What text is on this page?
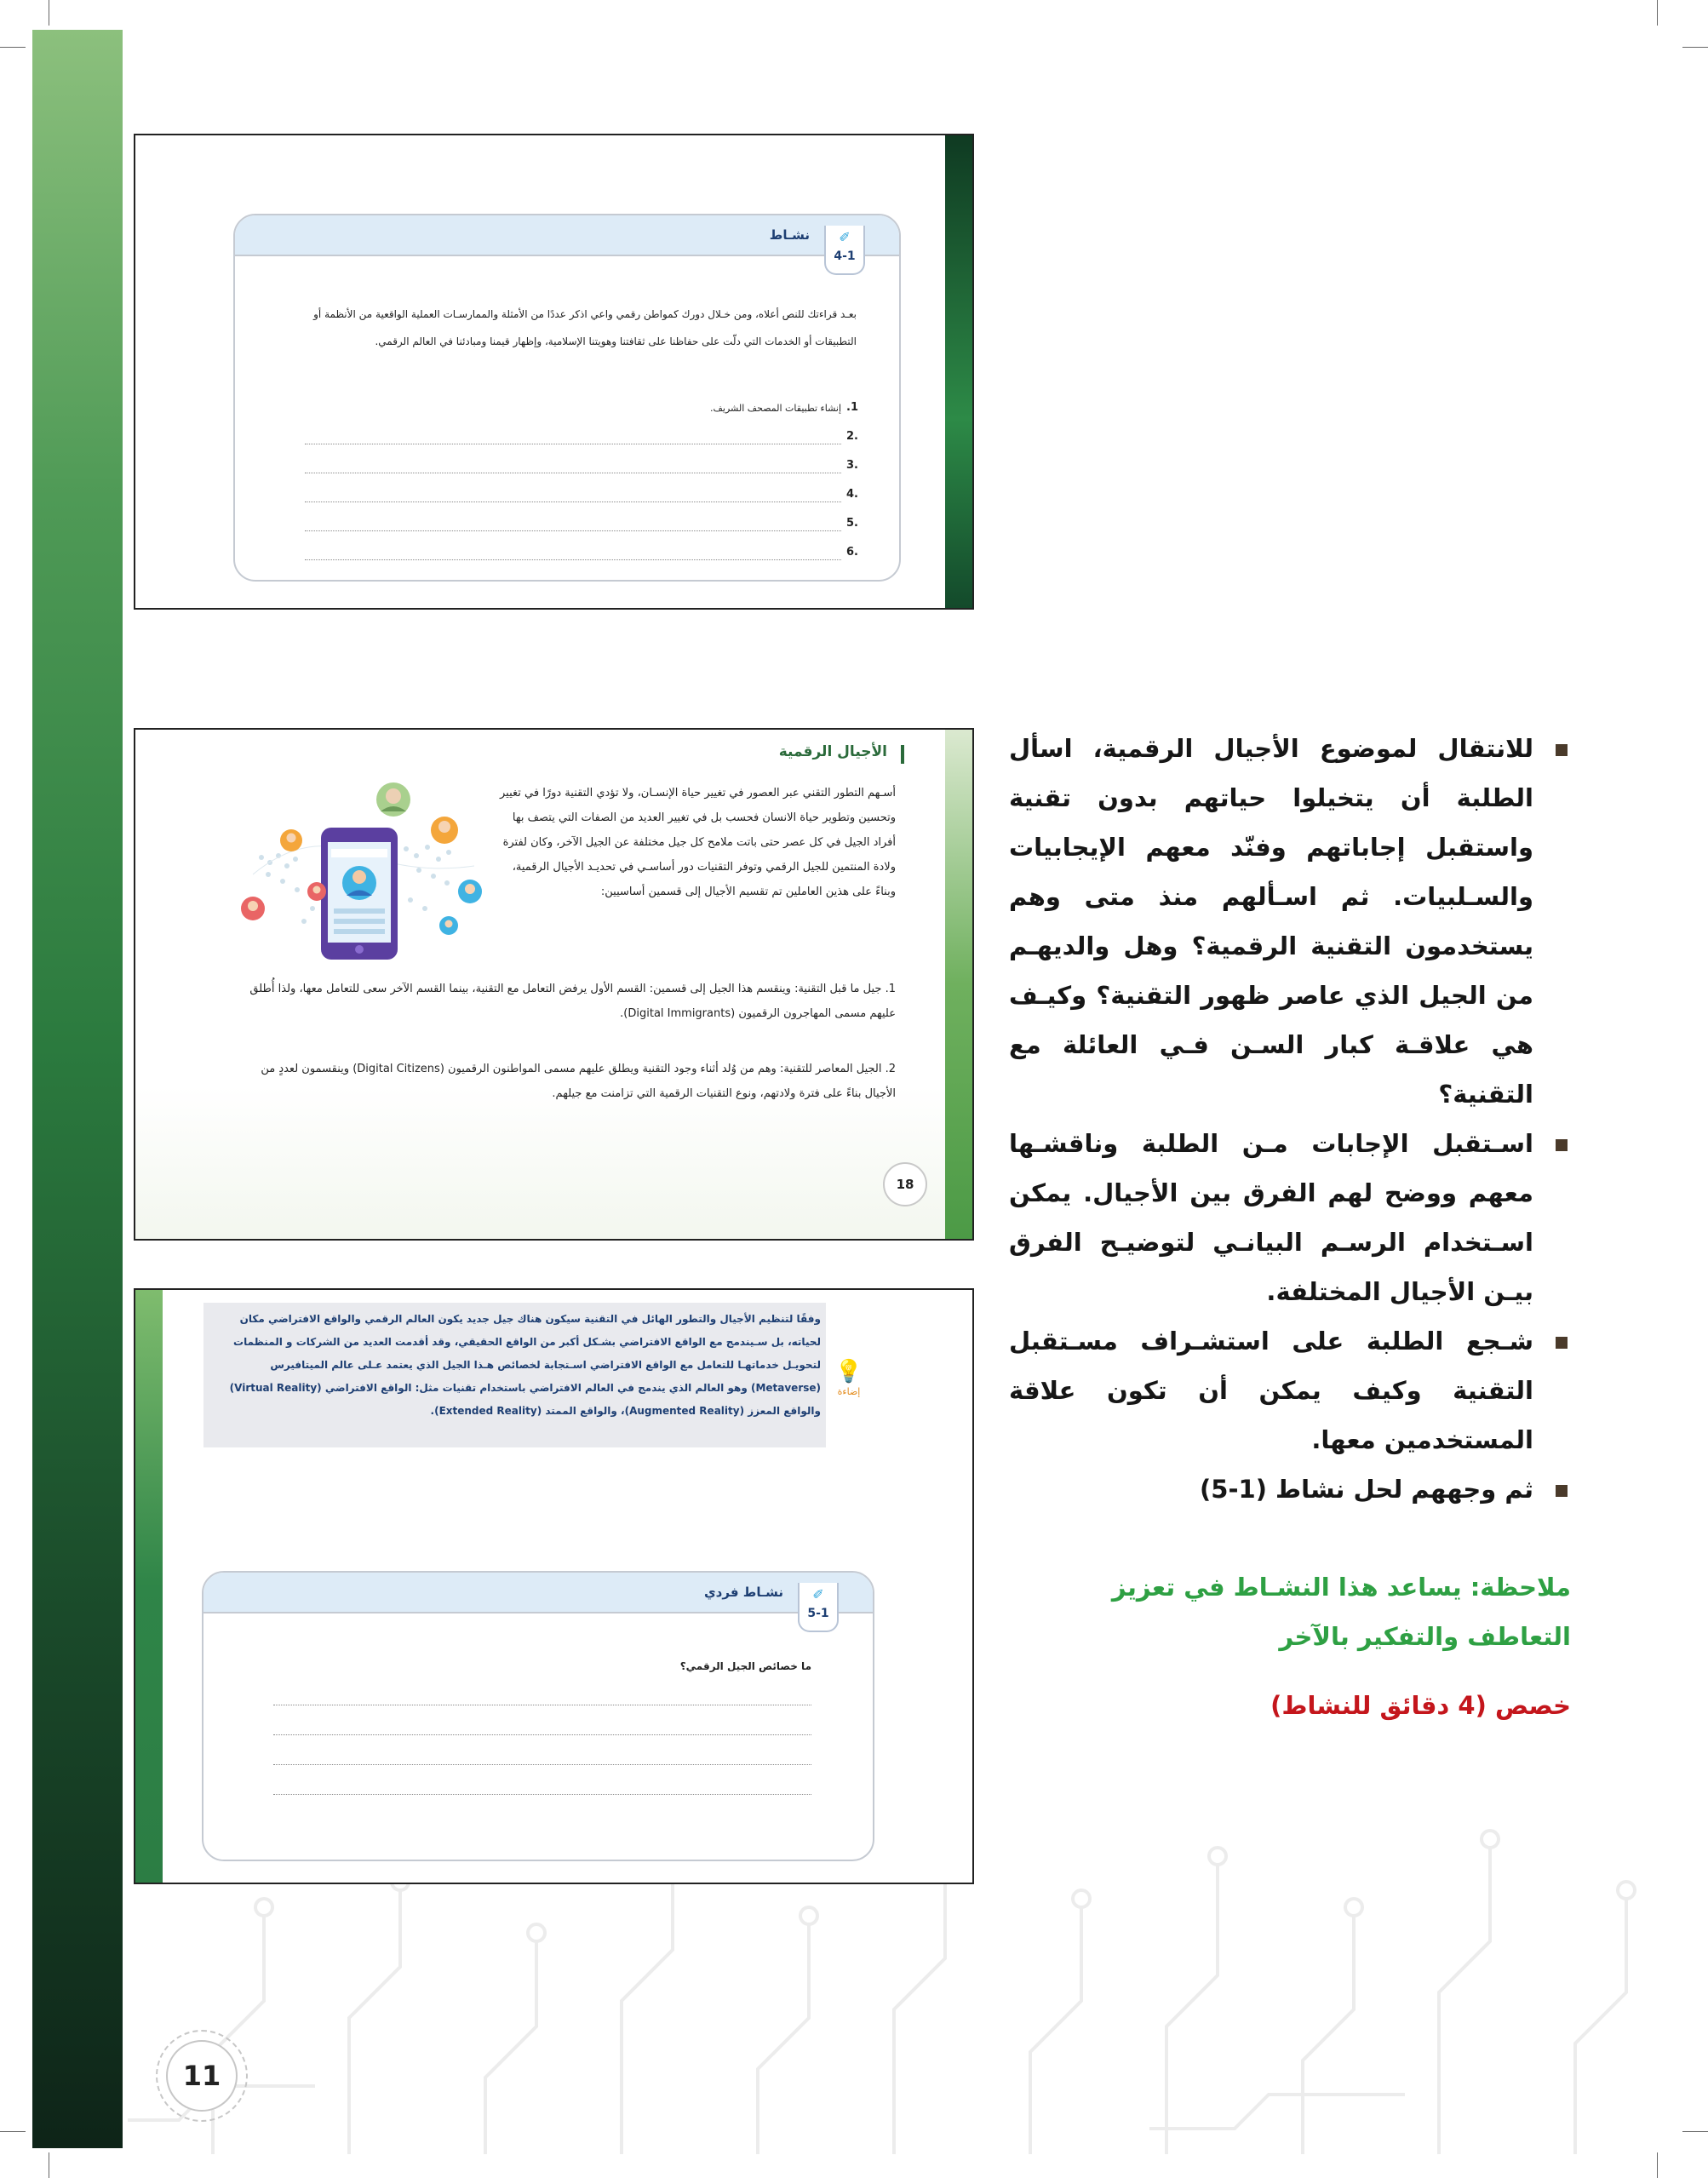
نشـاط	✐
4-1
بعـد قراءتك للنص أعلاه، ومن خـلال دورك كمواطن رقمي واعي اذكر عددًا من الأمثلة والممارسـات العملية الواقعية من الأنظمة أو التطبيقات أو الخدمات التي دلّت على حفاظنا على ثقافتنا وهويتنا الإسلامية، وإظهار قيمنا ومبادئنا في العالم الرقمي.
1.
إنشاء تطبيقات المصحف الشريف.
.2
.3
.4
.5
.6
الأجيال الرقمية
أسـهم التطور التقني عبر العصور في تغيير حياة الإنسـان، ولا تؤدي التقنية دورًا في تغيير وتحسين وتطوير حياة الانسان فحسب بل في تغيير العديد من الصفات التي يتصف بها أفراد الجيل في كل عصر حتى باتت ملامح كل جيل مختلفة عن الجيل الآخر، وكان لفترة ولادة المنتمين للجيل الرقمي وتوفر التقنيات دور أساسـي في تحديـد الأجيال الرقمية، وبناءً على هذين العاملين تم تقسيم الأجيال إلى قسمين أساسيين:
1. جيل ما قبل التقنية: وينقسم هذا الجيل إلى قسمين: القسم الأول يرفض التعامل مع التقنية، بينما القسم الآخر سعى للتعامل معها، ولذا أُطلق عليهم مسمى المهاجرون الرقميون (Digital Immigrants).
2. الجيل المعاصر للتقنية: وهم من وُلد أثناء وجود التقنية ويطلق عليهم مسمى المواطنون الرقميون (Digital Citizens) وينقسمون لعددٍ من الأجيال بناءً على فترة ولادتهم، ونوع التقنيات الرقمية التي تزامنت مع جيلهم.
18
وفقًا لتنظيم الأجيال والتطور الهائل في التقنية سيكون هناك جيل جديد يكون العالم الرقمي والواقع الافتراضي مكان لحياته، بل سـيندمج مع الواقع الافتراضي بشـكل أكبر من الواقع الحقيقي، وقد أقدمت العديد من الشركات و المنظمات لتحويـل خدماتهـا للتعامل مع الواقع الافتراضي اسـتجابة لخصائص هـذا الجيل الذي يعتمد عـلى عالم الميتافيرس (Metaverse) وهو العالم الذي يندمج في العالم الافتراضي باستخدام تقنيات مثل: الواقع الافتراضي (Virtual Reality) والواقع المعزز (Augmented Reality)، والواقع الممتد (Extended Reality).
💡
إضاءة
نشـاط فردي	✐
5-1
ما خصائص الجيل الرقمي؟
للانتقال لموضوع الأجيال الرقمية، اسأل الطلبة أن يتخيلوا حياتهم بدون تقنية واستقبل إجاباتهم وفنّد معهم الإيجابيات والسـلبيات. ثم اسـألهم منذ متى وهم يستخدمون التقنية الرقمية؟ وهل والديهـم من الجيل الذي عاصر ظهور التقنية؟ وكيـف هي علاقـة كبار السـن فـي العائلة مع التقنية؟
اسـتقبل الإجابات مـن الطلبة وناقشـها معهم ووضح لهم الفرق بين الأجيال. يمكن اسـتخدام الرسـم البيانـي لتوضيـح الفرق بيـن الأجيال المختلفة.
شـجع الطلبة على استشـراف مسـتقبل التقنية وكيف يمكن أن تكون علاقة المستخدمين معها.
ثم وجههم لحل نشاط (1-5)
ملاحظة: يساعد هذا النشـاط في تعزيز التعاطف والتفكير بالآخر
خصص (4 دقائق للنشاط)
11
